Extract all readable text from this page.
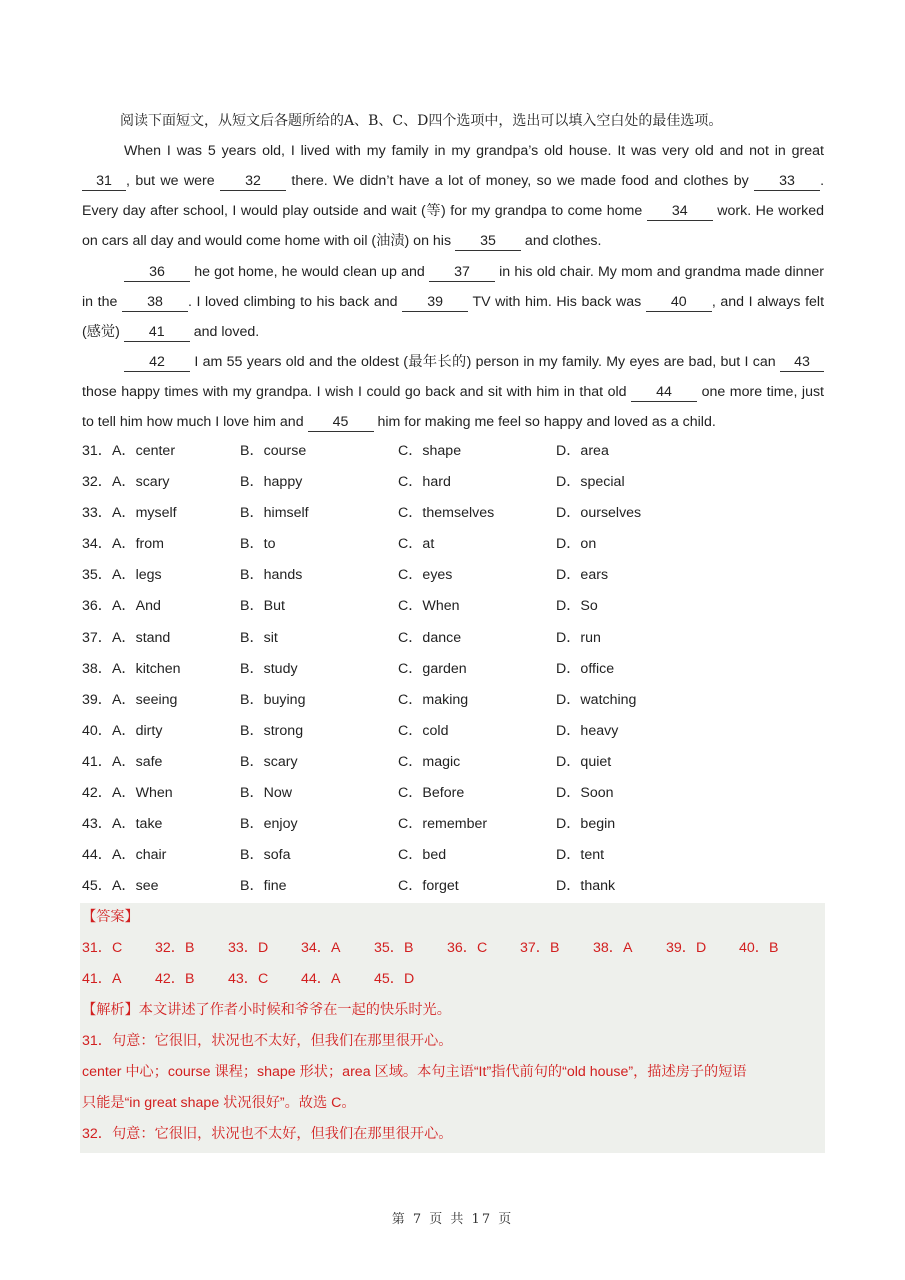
阅读下面短文，从短文后各题所给的A、B、C、D四个选项中，选出可以填入空白处的最佳选项。

When I was 5 years old, I lived with my family in my grandpa’s old house. It was very old and not in great 31 , but we were 32 there. We didn’t have a lot of money, so we made food and clothes by 33 . Every day after school, I would play outside and wait (等) for my grandpa to come home 34 work. He worked on cars all day and would come home with oil (油渍) on his 35 and clothes.

36 he got home, he would clean up and 37 in his old chair. My mom and grandma made dinner in the 38 . I loved climbing to his back and 39 TV with him. His back was 40 , and I always felt (感觉) 41 and loved.

42 I am 55 years old and the oldest (最年长的) person in my family. My eyes are bad, but I can 43 those happy times with my grandpa. I wish I could go back and sit with him in that old 44 one more time, just to tell him how much I love him and 45 him for making me feel so happy and loved as a child.

31．A．center	B．course	C．shape	D．area
32．A．scary	B．happy	C．hard	D．special
33．A．myself	B．himself	C．themselves	D．ourselves
34．A．from	B．to	C．at	D．on
35．A．legs	B．hands	C．eyes	D．ears
36．A．And	B．But	C．When	D．So
37．A．stand	B．sit	C．dance	D．run
38．A．kitchen	B．study	C．garden	D．office
39．A．seeing	B．buying	C．making	D．watching
40．A．dirty	B．strong	C．cold	D．heavy
41．A．safe	B．scary	C．magic	D．quiet
42．A．When	B．Now	C．Before	D．Soon
43．A．take	B．enjoy	C．remember	D．begin
44．A．chair	B．sofa	C．bed	D．tent
45．A．see	B．fine	C．forget	D．thank
【答案】
31．C 32．B 33．D 34．A 35．B 36．C 37．B 38．A 39．D 40．B
41．A 42．B 43．C 44．A 45．D
【解析】本文讲述了作者小时候和爷爷在一起的快乐时光。
31．句意：它很旧，状况也不太好，但我们在那里很开心。
center 中心；course 课程；shape 形状；area 区域。本句主语“It”指代前句的“old house”，描述房子的短语
只能是“in great shape 状况很好”。故选 C。
32．句意：它很旧，状况也不太好，但我们在那里很开心。
第 7 页 共 17 页
